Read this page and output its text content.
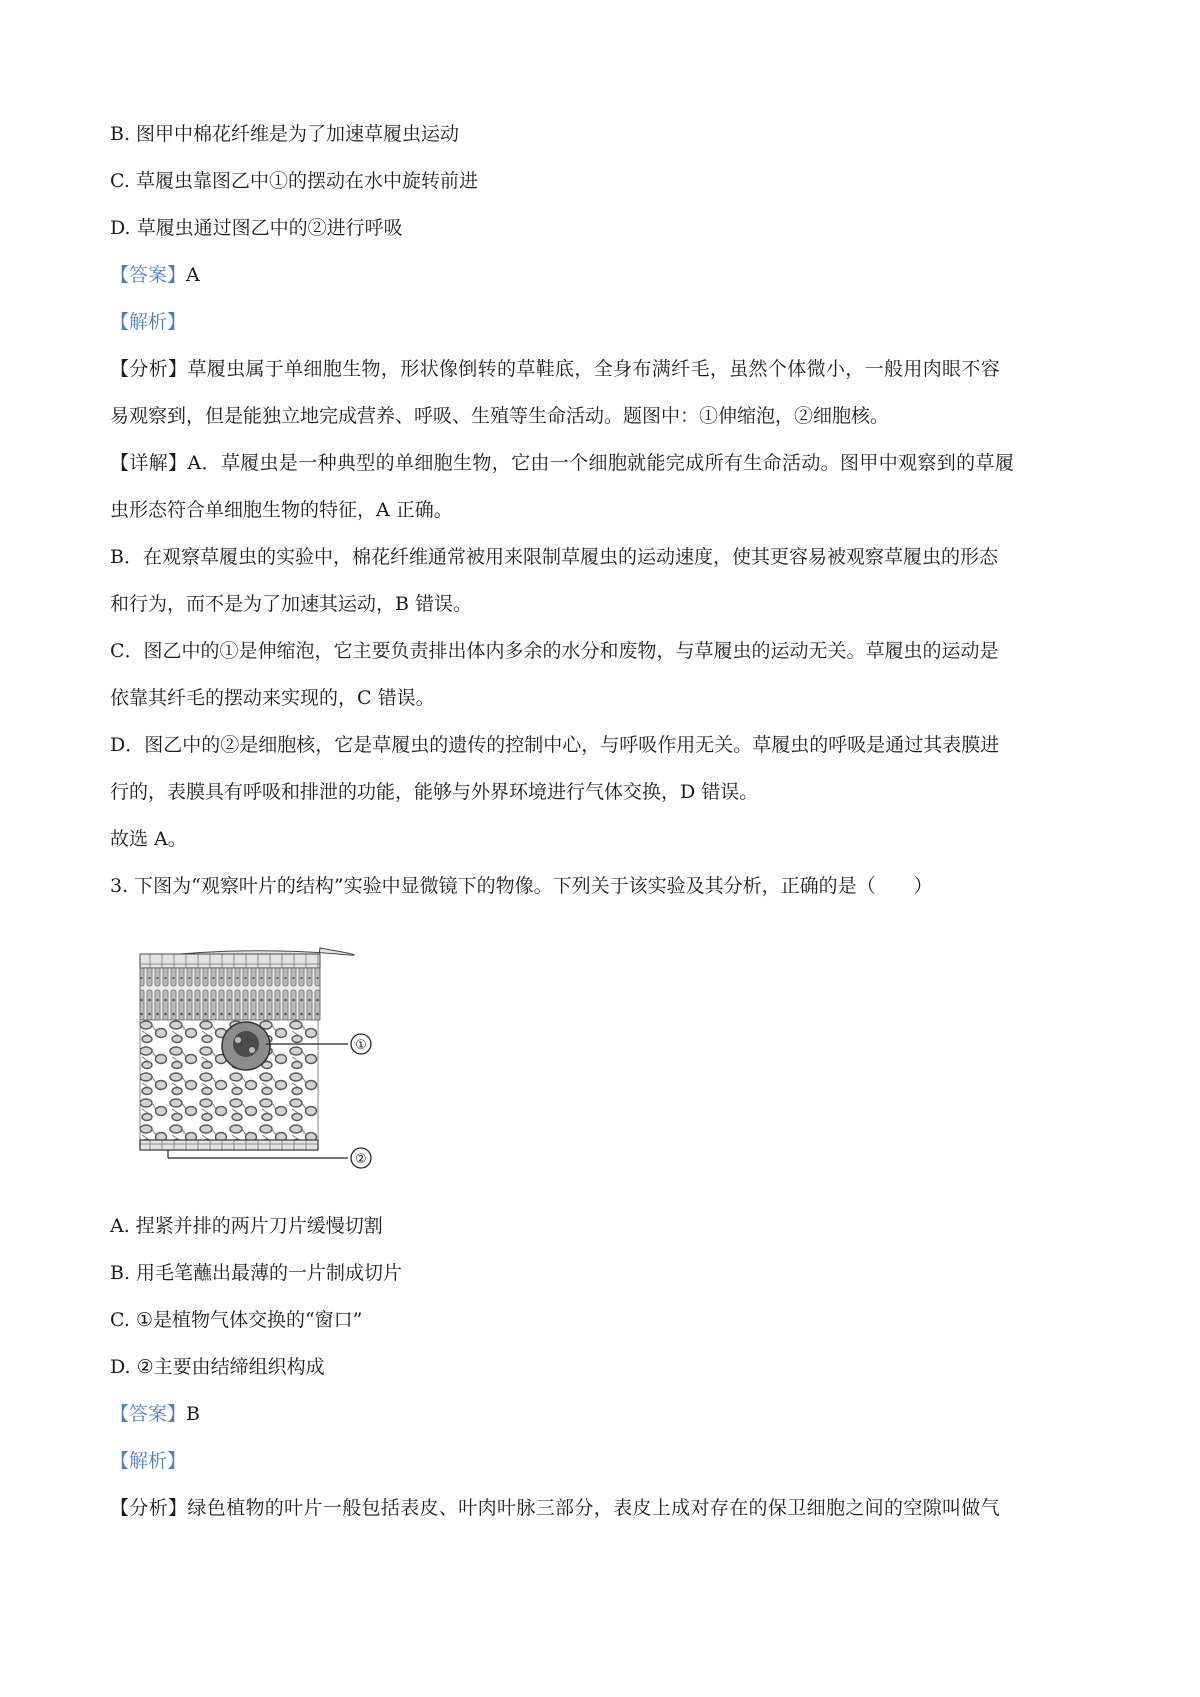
B. 图甲中棉花纤维是为了加速草履虫运动
C. 草履虫靠图乙中①的摆动在水中旋转前进
D. 草履虫通过图乙中的②进行呼吸
【答案】A
【解析】
【分析】草履虫属于单细胞生物，形状像倒转的草鞋底，全身布满纤毛，虽然个体微小，一般用肉眼不容
易观察到，但是能独立地完成营养、呼吸、生殖等生命活动。题图中：①伸缩泡，②细胞核。
【详解】A．草履虫是一种典型的单细胞生物，它由一个细胞就能完成所有生命活动。图甲中观察到的草履
虫形态符合单细胞生物的特征，A 正确。
B．在观察草履虫的实验中，棉花纤维通常被用来限制草履虫的运动速度，使其更容易被观察草履虫的形态
和行为，而不是为了加速其运动，B 错误。
C．图乙中的①是伸缩泡，它主要负责排出体内多余的水分和废物，与草履虫的运动无关。草履虫的运动是
依靠其纤毛的摆动来实现的，C 错误。
D．图乙中的②是细胞核，它是草履虫的遗传的控制中心，与呼吸作用无关。草履虫的呼吸是通过其表膜进
行的，表膜具有呼吸和排泄的功能，能够与外界环境进行气体交换，D 错误。
故选 A。
3. 下图为“观察叶片的结构”实验中显微镜下的物像。下列关于该实验及其分析，正确的是（　　）
①
②
A. 捏紧并排的两片刀片缓慢切割
B. 用毛笔蘸出最薄的一片制成切片
C. ①是植物气体交换的“窗口”
D. ②主要由结缔组织构成
【答案】B
【解析】
【分析】绿色植物的叶片一般包括表皮、叶肉叶脉三部分，表皮上成对存在的保卫细胞之间的空隙叫做气
